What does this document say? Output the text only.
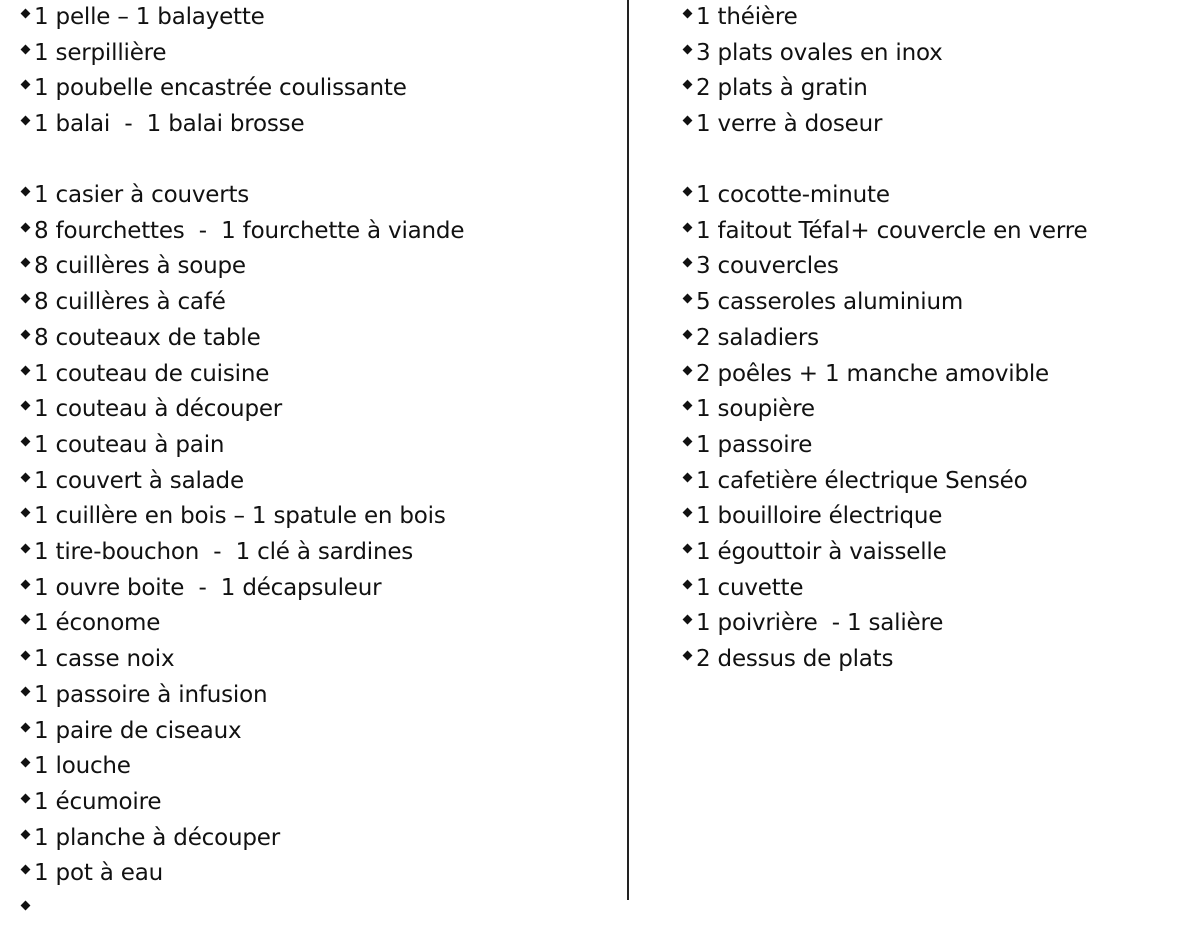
1 pelle – 1 balayette
1 serpillière
1 poubelle encastrée coulissante
1 balai  -  1 balai brosse
1 casier à couverts
8 fourchettes  -  1 fourchette à viande
8 cuillères à soupe
8 cuillères à café
8 couteaux de table
1 couteau de cuisine
1 couteau à découper
1 couteau à pain
1 couvert à salade
1 cuillère en bois – 1 spatule en bois
1 tire-bouchon  -  1 clé à sardines
1 ouvre boite  -  1 décapsuleur
1 économe
1 casse noix
1 passoire à infusion
1 paire de ciseaux
1 louche
1 écumoire
1 planche à découper
1 pot à eau
1 théière
3 plats ovales en inox
2 plats à gratin
1 verre à doseur
1 cocotte-minute
1 faitout Téfal+ couvercle en verre
3 couvercles
5 casseroles aluminium
2 saladiers
2 poêles + 1 manche amovible
1 soupière
1 passoire
1 cafetière électrique Senséo
1 bouilloire électrique
1 égouttoir à vaisselle
1 cuvette
1 poivrière  - 1 salière
2 dessus de plats
